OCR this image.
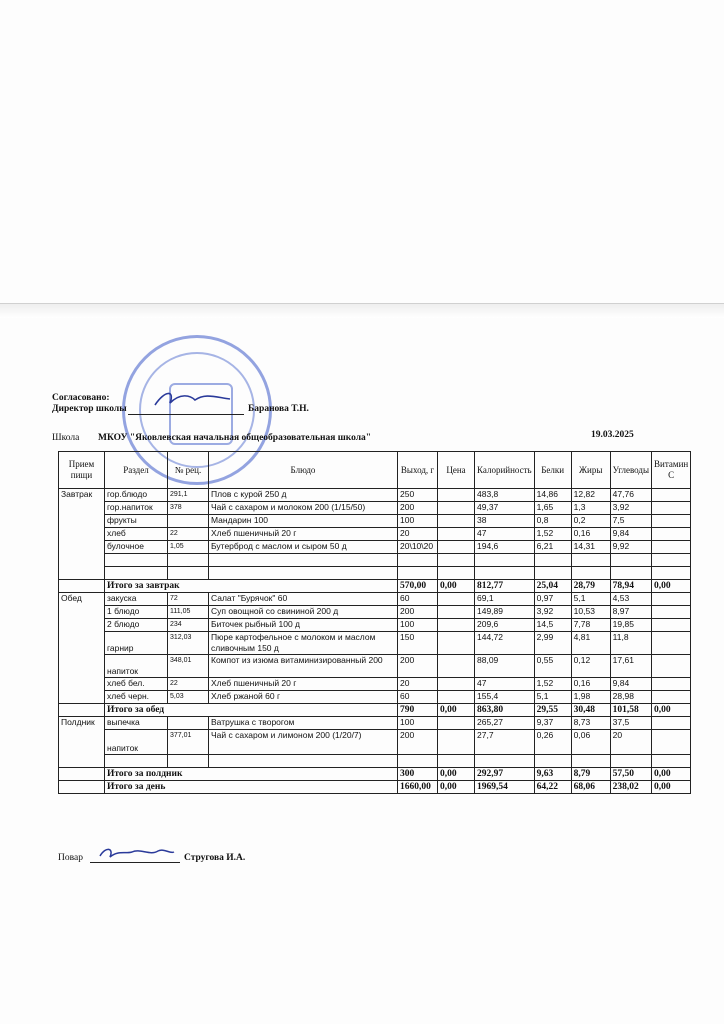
Согласовано:
Директор школы	Баранова Т.Н.
Школа МКОУ "Яковлевская начальная общеобразовательная школа"	19.03.2025
Прием пищи	Раздел	№ рец.	Блюдо	Выход, г	Цена	Калорийность	Белки	Жиры	Углеводы	Витамин С
Завтрак	гор.блюдо	291,1	Плов с курой 250 д	250		483,8	14,86	12,82	47,76	
	гор.напиток	378	Чай с сахаром и молоком 200 (1/15/50)	200		49,37	1,65	1,3	3,92	
	фрукты		Мандарин 100	100		38	0,8	0,2	7,5	
	хлеб	22	Хлеб пшеничный 20 г	20		47	1,52	0,16	9,84	
	булочное	1,05	Бутерброд с маслом и сыром 50 д	20\10\20		194,6	6,21	14,31	9,92	

	Итого за завтрак			570,00	0,00	812,77	25,04	28,79	78,94	0,00
Обед	закуска	72	Салат "Бурячок" 60	60		69,1	0,97	5,1	4,53	
	1 блюдо	111,05	Суп овощной со свининой 200 д	200		149,89	3,92	10,53	8,97	
	2 блюдо	234	Биточек рыбный 100 д	100		209,6	14,5	7,78	19,85	
	гарнир	312,03	Пюре картофельное с молоком и маслом сливочным 150 д	150		144,72	2,99	4,81	11,8	
	напиток	348,01	Компот из изюма витаминизированный 200	200		88,09	0,55	0,12	17,61	
	хлеб бел.	22	Хлеб пшеничный 20 г	20		47	1,52	0,16	9,84	
	хлеб черн.	5,03	Хлеб ржаной 60 г	60		155,4	5,1	1,98	28,98	
	Итого за обед			790	0,00	863,80	29,55	30,48	101,58	0,00
Полдник	выпечка		Ватрушка с творогом	100		265,27	9,37	8,73	37,5	
	напиток	377,01	Чай с сахаром и лимоном 200 (1/20/7)	200		27,7	0,26	0,06	20	

	Итого за полдник			300	0,00	292,97	9,63	8,79	57,50	0,00
	Итого за день			1660,00	0,00	1969,54	64,22	68,06	238,02	0,00
Повар	Стругова И.А.
